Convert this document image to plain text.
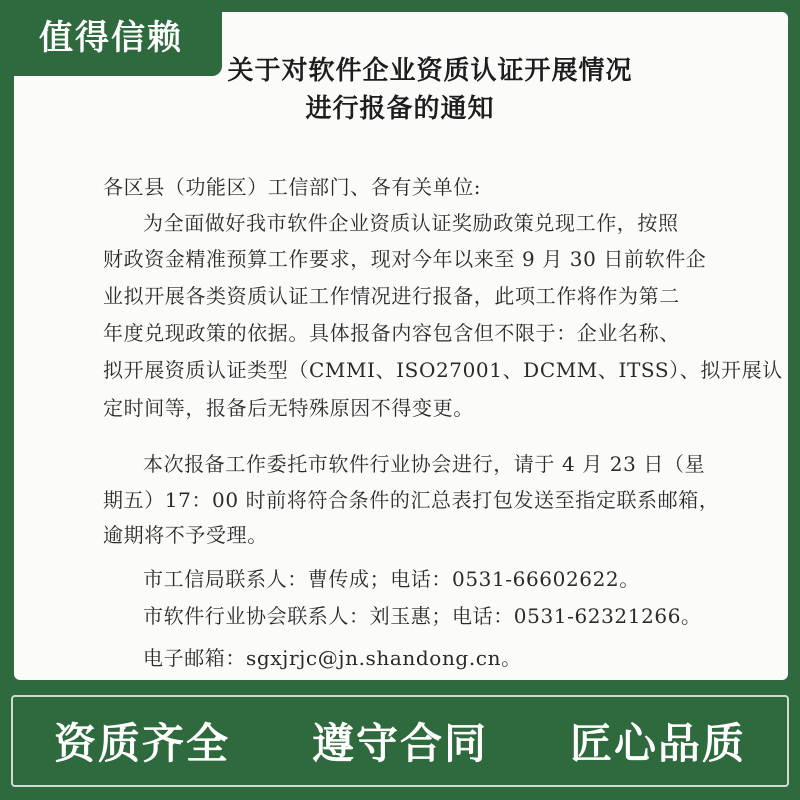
值得信赖
关于对软件企业资质认证开展情况
进行报备的通知
各区县（功能区）工信部门、各有关单位:
为全面做好我市软件企业资质认证奖励政策兑现工作，按照
财政资金精准预算工作要求，现对今年以来至 9 月 30 日前软件企
业拟开展各类资质认证工作情况进行报备，此项工作将作为第二
年度兑现政策的依据。具体报备内容包含但不限于：企业名称、
拟开展资质认证类型（CMMI、ISO27001、DCMM、ITSS）、拟开展认
定时间等，报备后无特殊原因不得变更。
本次报备工作委托市软件行业协会进行，请于 4 月 23 日（星
期五）17：00 时前将符合条件的汇总表打包发送至指定联系邮箱，
逾期将不予受理。
市工信局联系人：曹传成；电话：0531-66602622。
市软件行业协会联系人：刘玉惠；电话：0531-62321266。
电子邮箱：sgxjrjc@jn.shandong.cn。
资质齐全 遵守合同 匠心品质
